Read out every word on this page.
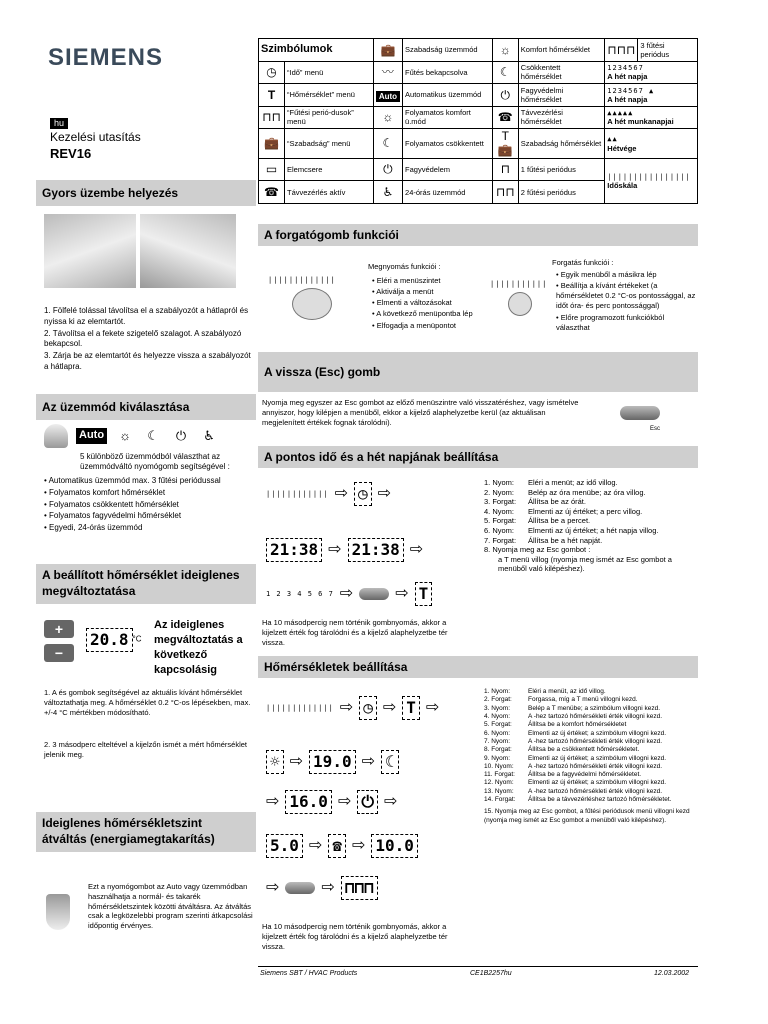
SIEMENS
hu
Kezelési utasítás
REV16
Gyors üzembe helyezés
1. Fölfelé tolással távolítsa el a szabályozót a hátlapról és nyissa ki az elemtartót.
2. Távolítsa el a fekete szigetelő szalagot. A szabályozó bekapcsol.
3. Zárja be az elemtartót és helyezze vissza a szabályozót a hátlapra.
Az üzemmód kiválasztása
Auto	☼	☾	⏻	♿
5 különböző üzemmódból választhat az üzemmódváltó nyomógomb segítségével :
• Automatikus üzemmód max. 3 fűtési periódussal
• Folyamatos komfort hőmérséklet
• Folyamatos csökkentett hőmérséklet
• Folyamatos fagyvédelmi hőmérséklet
• Egyedi, 24-órás üzemmód
A beállított hőmérséklet ideiglenes megváltoztatása
+
−
20.8 $^{^\circ C}$
Az ideiglenes megváltoztatás a következő kapcsolásig
1. A és gombok segítségével az aktuális kívánt hőmérséklet változtathatja meg. A hőmérséklet 0.2 °C-os lépésekben, max. +/-4 °C mértékben módosítható.
2. 3 másodperc elteltével a kijelzőn ismét a mért hőmérséklet jelenik meg.
Ideiglenes hőmérsékletszint átváltás (energiamegtakarítás)
Ezt a nyomógombot az Auto vagy üzemmódban használhatja a normál- és takarék hőmérsékletszintek közötti átváltásra. Az átváltás csak a legközelebbi program szerinti átkapcsolási időpontig érvényes.
Szimbólumok		💼	Szabadság üzemmód	☼	Komfort hőmérséklet	⊓⊓⊓	3 fűtési periódus
◷	“Idő” menü	〰	Fűtés bekapcsolva	☾	Csökkentett hőmérséklet	1234567
A hét napja	
T	“Hőmérséklet” menü	Auto	Automatikus üzemmód	⏻	Fagyvédelmi hőmérséklet	1234567 ▲
A hét napja	
⊓⊓	“Fűtési perió-dusok” menü	☼	Folyamatos komfort ü.mód	☎	Távvezérlési hőmérséklet	▲▲▲▲▲
A hét munkanapjai	
💼	“Szabadság” menü	☾	Folyamatos csökkentett	T💼	Szabadság hőmérséklet	▲▲
Hétvége	
▭	Elemcsere	⏻	Fagyvédelem	⊓	1 fűtési periódus	||||||||||||||||
Időskála	
☎	Távvezérlés aktív	♿	24-órás üzemmód	⊓⊓	2 fűtési periódus		
A forgatógomb funkciói
|||||||||||||
Megnyomás funkciói :
• Eléri a menüszintet
• Aktiválja a menüt
• Elmenti a változásokat
• A következő menüpontba lép
• Elfogadja a menüpontot
|||||||||||
Forgatás funkciói :
• Egyik menüből a másikra lép
• Beállítja a kívánt értékeket (a hőmérsékletet 0.2 °C-os pontossággal, az időt óra- és perc pontossággal)
• Előre programozott funkciókból választhat
A vissza (Esc) gomb
Nyomja meg egyszer az Esc gombot az előző menüszintre való visszatéréshez, vagy ismételve annyiszor, hogy kilépjen a menüből, ekkor a kijelző alaphelyzetbe kerül (az aktuálisan megjelenített értékek fognak tárolódni).
Esc
A pontos idő és a hét napjának beállítása
|||||||||||| ⇨ ◷ ⇨
21:38 ⇨ 21:38 ⇨
1 2 3 4 5 6 7 ⇨	⇨ T
Ha 10 másodpercig nem történik gombnyomás, akkor a kijelzett érték fog tárolódni és a kijelző alaphelyzetbe tér vissza.
1. Nyom:	Eléri a menüt; az idő villog.
2. Nyom:	Belép az óra menübe; az óra villog.
3. Forgat:	Állítsa be az órát.
4. Nyom:	Elmenti az új értéket; a perc villog.
5. Forgat:	Állítsa be a percet.
6. Nyom:	Elmenti az új értéket; a hét napja villog.
7. Forgat:	Állítsa be a hét napját.
8. Nyomja meg az Esc gombot :
a T menü villog (nyomja meg ismét az Esc gombot a menüből való kilépéshez).
Hőmérsékletek beállítása
||||||||||||| ⇨ ◷ ⇨ T ⇨
☼ ⇨ 19.0 ⇨ ☾
⇨ 16.0 ⇨ ⏻ ⇨
5.0 ⇨ ☎ ⇨ 10.0
⇨	⇨ ⊓⊓⊓
Ha 10 másodpercig nem történik gombnyomás, akkor a kijelzett érték fog tárolódni és a kijelző alaphelyzetbe tér vissza.
1. Nyom:	Eléri a menüt, az idő villog.
2. Forgat:	Forgassa, míg a T menü villogni kezd.
3. Nyom:	Belép a T menübe; a szimbólum villogni kezd.
4. Nyom:	A -hez tartozó hőmérsékleti érték villogni kezd.
5. Forgat:	Állítsa be a komfort hőmérsékletet
6. Nyom:	Elmenti az új értéket; a szimbólum villogni kezd.
7. Nyom:	A -hez tartozó hőmérsékleti érték villogni kezd.
8. Forgat:	Állítsa be a csökkentett hőmérsékletet.
9. Nyom:	Elmenti az új értéket; a szimbólum villogni kezd.
10. Nyom:	A -hez tartozó hőmérsékleti érték villogni kezd.
11. Forgat:	Állítsa be a fagyvédelmi hőmérsékletet.
12. Nyom:	Elmenti az új értéket; a szimbólum villogni kezd.
13. Nyom:	A -hez tartozó hőmérsékleti érték villogni kezd.
14. Forgat:	Állítsa be a távvezérléshez tartozó hőmérsékletet.
15. Nyomja meg az Esc gombot, a fűtési periódusok menü villogni kezd (nyomja meg ismét az Esc gombot a menüből való kilépéshez).
Siemens SBT / HVAC Products	CE1B2257hu	12.03.2002
